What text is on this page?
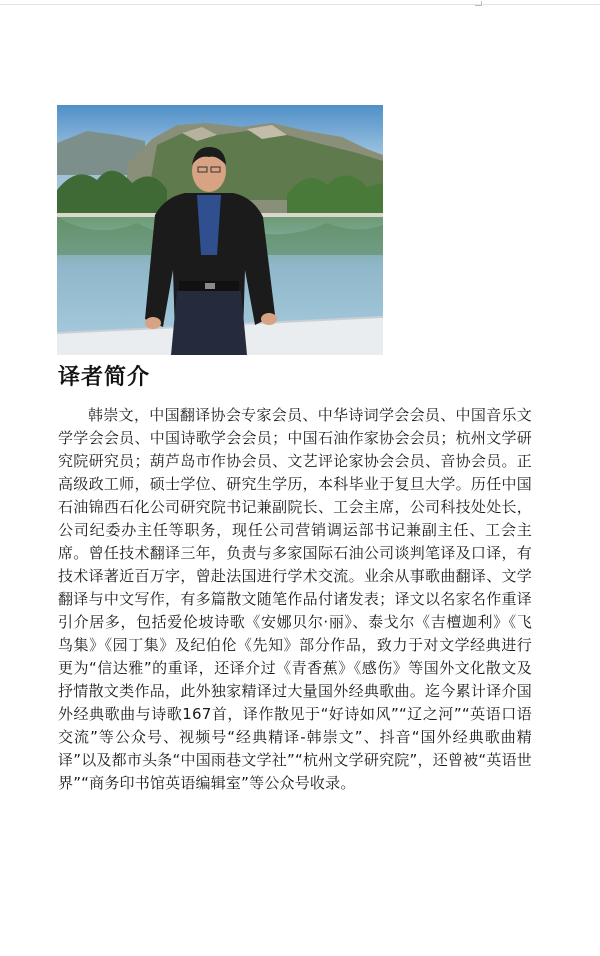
译者简介

韩崇文，中国翻译协会专家会员、中华诗词学会会员、中国音乐文学学会会员、中国诗歌学会会员；中国石油作家协会会员；杭州文学研究院研究员；葫芦岛市作协会员、文艺评论家协会会员、音协会员。正高级政工师，硕士学位、研究生学历，本科毕业于复旦大学。历任中国石油锦西石化公司研究院书记兼副院长、工会主席，公司科技处处长，公司纪委办主任等职务，现任公司营销调运部书记兼副主任、工会主席。曾任技术翻译三年，负责与多家国际石油公司谈判笔译及口译，有技术译著近百万字，曾赴法国进行学术交流。业余从事歌曲翻译、文学翻译与中文写作，有多篇散文随笔作品付诸发表；译文以名家名作重译引介居多，包括爱伦坡诗歌《安娜贝尔·丽》、泰戈尔《吉檀迦利》《飞鸟集》《园丁集》及纪伯伦《先知》部分作品，致力于对文学经典进行更为“信达雅”的重译，还译介过《青香蕉》《感伤》等国外文化散文及抒情散文类作品，此外独家精译过大量国外经典歌曲。迄今累计译介国外经典歌曲与诗歌167首，译作散见于“好诗如风”“辽之河”“英语口语交流”等公众号、视频号“经典精译-韩崇文”、抖音“国外经典歌曲精译”以及都市头条“中国雨巷文学社”“杭州文学研究院”，还曾被“英语世界”“商务印书馆英语编辑室”等公众号收录。
